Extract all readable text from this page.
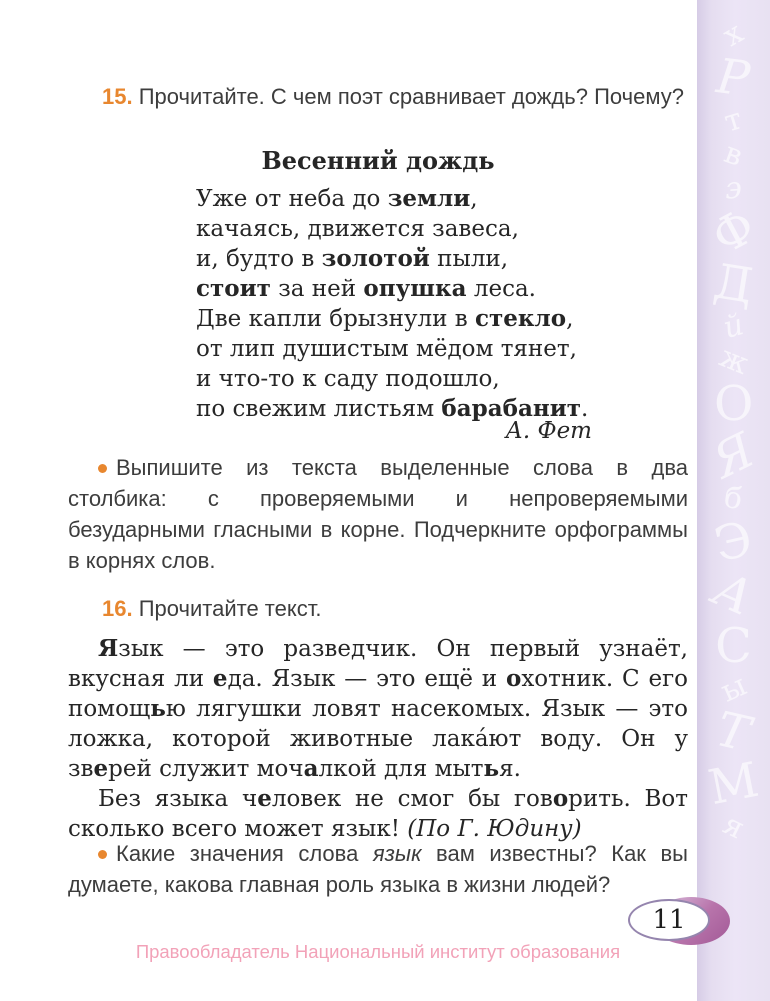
х
Р
т
в
э
Ф
Д
й
ж
О
Я
б
Э
А
С
ы
Т
М
я

15. Прочитайте. С чем поэт сравнивает дождь? Почему?

Весенний дождь

Уже от неба до земли,
качаясь, движется завеса,
и, будто в золотой пыли,
стоит за ней опушка леса.
Две капли брызнули в стекло,
от лип душистым мёдом тянет,
и что-то к саду подошло,
по свежим листьям барабанит.

А. Фет

Выпишите из текста выделенные слова в два столбика: с проверяемыми и непроверяемыми безударными гласными в корне. Подчеркните орфограммы в корнях слов.

16. Прочитайте текст.

Язык — это разведчик. Он первый узнаёт, вкусная ли еда. Язык — это ещё и охотник. С его помощью лягушки ловят насекомых. Язык — это ложка, которой животные лака́ют воду. Он у зверей служит мочалкой для мытья.

Без языка человек не смог бы говорить. Вот сколько всего может язык! (По Г. Юдину)

Какие значения слова язык вам известны? Как вы думаете, какова главная роль языка в жизни людей?

11

Правообладатель Национальный институт образования
